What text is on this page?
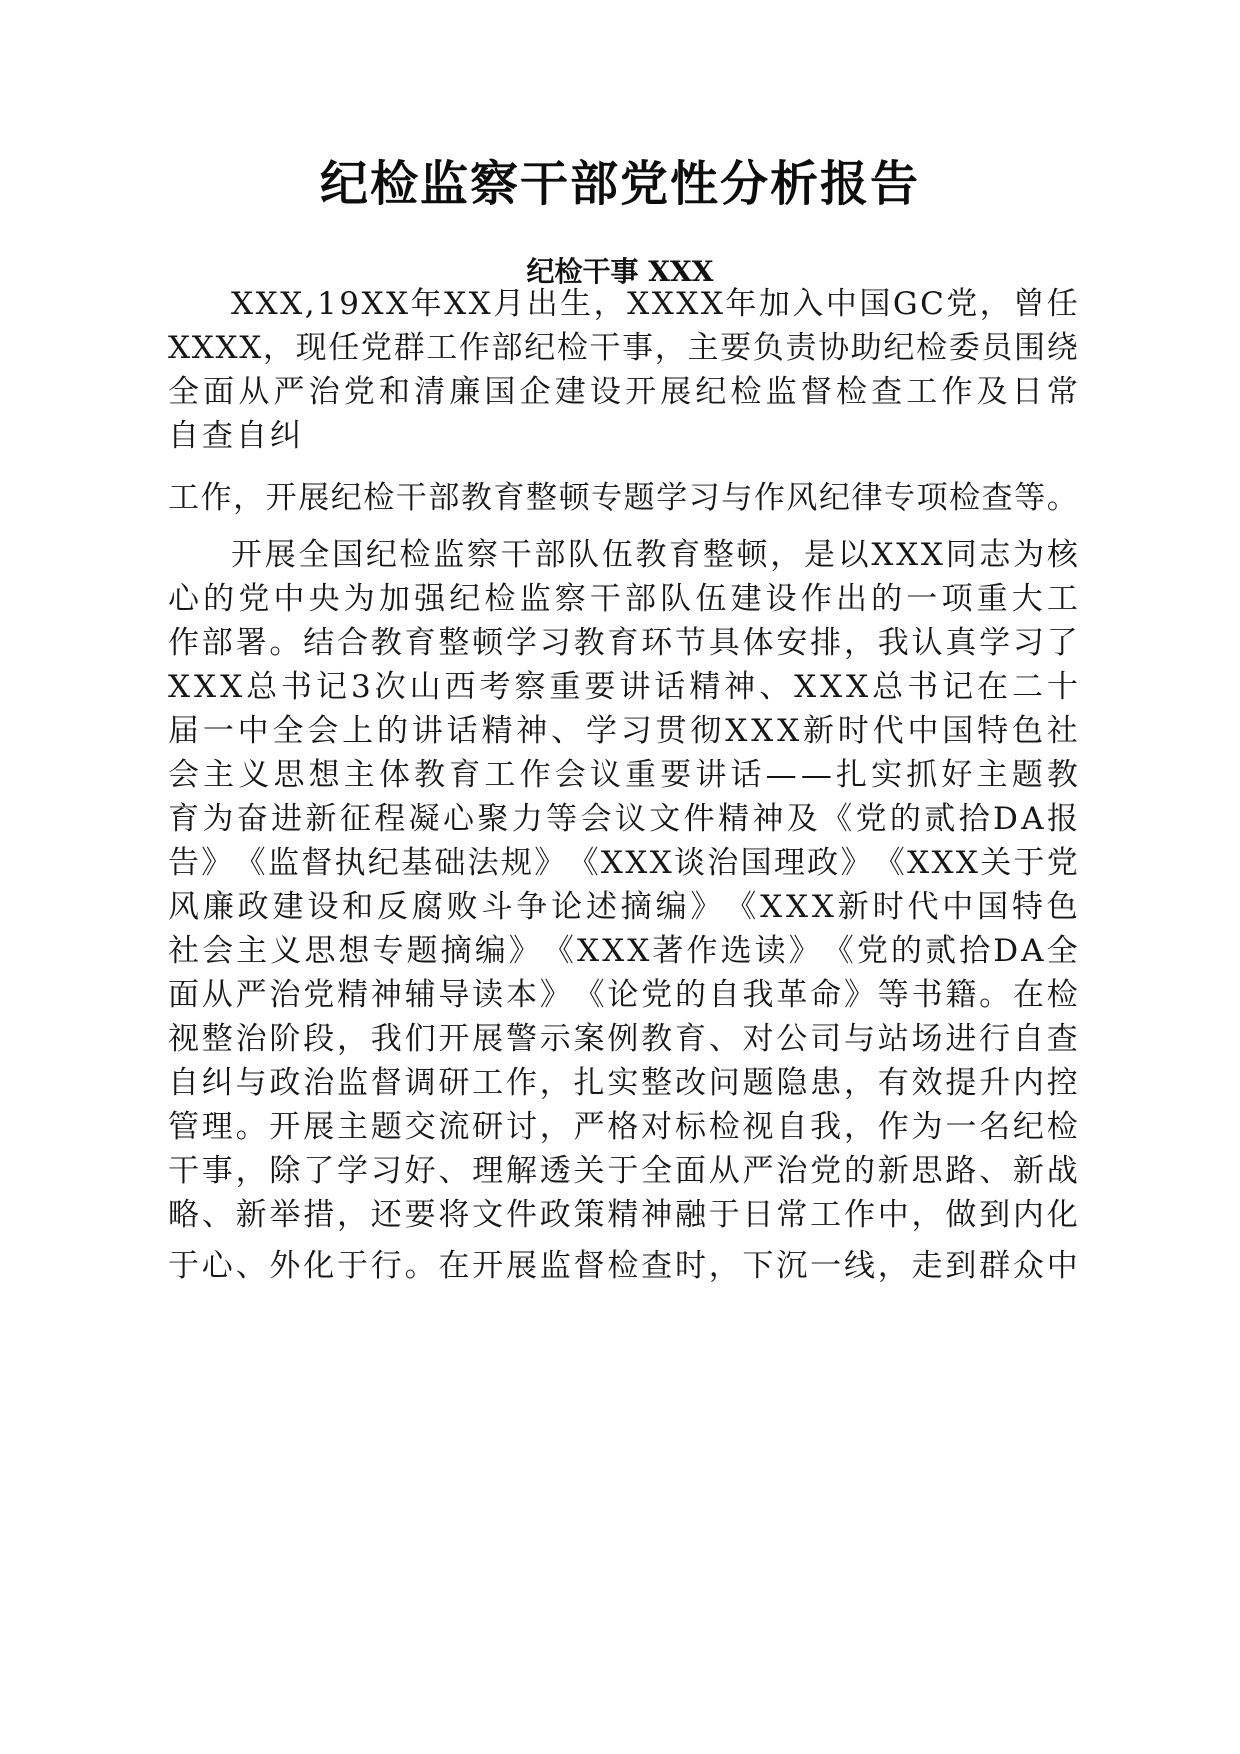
纪检监察干部党性分析报告
纪检干事 XXX
X X X , 1 9 X X 年 X X 月 出 生 ， X X X X 年 加 入 中 国 G C 党 ， 曾 任
X X X X ， 现 任 党 群 工 作 部 纪 检 干 事 ， 主 要 负 责 协 助 纪 检 委 员 围 绕
全 面 从 严 治 党 和 清 廉 国 企 建 设 开 展 纪 检 监 督 检 查 工 作 及 日 常
自查自纠
工 作 ， 开 展 纪 检 干 部 教 育 整 顿 专 题 学 习 与 作 风 纪 律 专 项 检 查 等 。
开 展 全 国 纪 检 监 察 干 部 队 伍 教 育 整 顿 ， 是 以 X X X 同 志 为 核
心 的 党 中 央 为 加 强 纪 检 监 察 干 部 队 伍 建 设 作 出 的 一 项 重 大 工
作 部 署 。 结 合 教 育 整 顿 学 习 教 育 环 节 具 体 安 排 ， 我 认 真 学 习 了
X X X 总 书 记 3 次 山 西 考 察 重 要 讲 话 精 神 、 X X X 总 书 记 在 二 十
届 一 中 全 会 上 的 讲 话 精 神 、 学 习 贯 彻 X X X 新 时 代 中 国 特 色 社
会 主 义 思 想 主 体 教 育 工 作 会 议 重 要 讲 话 — — 扎 实 抓 好 主 题 教
育 为 奋 进 新 征 程 凝 心 聚 力 等 会 议 文 件 精 神 及 《 党 的 贰 拾 D A 报
告 》 《 监 督 执 纪 基 础 法 规 》 《 X X X 谈 治 国 理 政 》 《 X X X 关 于 党
风 廉 政 建 设 和 反 腐 败 斗 争 论 述 摘 编 》 《 X X X 新 时 代 中 国 特 色
社 会 主 义 思 想 专 题 摘 编 》 《 X X X 著 作 选 读 》 《 党 的 贰 拾 D A 全
面 从 严 治 党 精 神 辅 导 读 本 》 《 论 党 的 自 我 革 命 》 等 书 籍 。 在 检
视 整 治 阶 段 ， 我 们 开 展 警 示 案 例 教 育 、 对 公 司 与 站 场 进 行 自 查
自 纠 与 政 治 监 督 调 研 工 作 ， 扎 实 整 改 问 题 隐 患 ， 有 效 提 升 内 控
管 理 。 开 展 主 题 交 流 研 讨 ， 严 格 对 标 检 视 自 我 ， 作 为 一 名 纪 检
干 事 ， 除 了 学 习 好 、 理 解 透 关 于 全 面 从 严 治 党 的 新 思 路 、 新 战
略 、 新 举 措 ， 还 要 将 文 件 政 策 精 神 融 于 日 常 工 作 中 ， 做 到 内 化
于 心 、 外 化 于 行 。 在 开 展 监 督 检 查 时 ， 下 沉 一 线 ， 走 到 群 众 中
